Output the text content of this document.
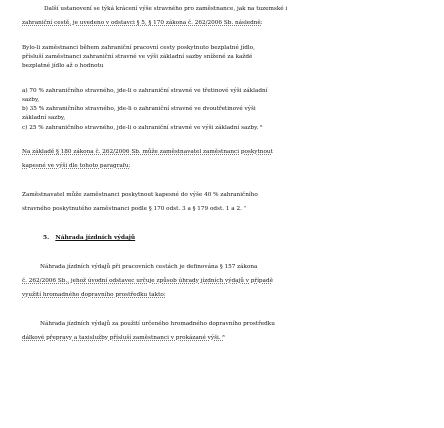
Další ustanovení se týká krácení výše stravného pro zaměstnance, jak na tuzemské i

zahraniční cestě, je uvedeno v odstavci § 5, § 170 zákona č. 262/2006 Sb. následně:

Bylo-li zaměstnanci během zahraniční pracovní cesty poskytnuto bezplatné jídlo,

přísluší zaměstnanci zahraniční stravné ve výši základní sazby snížené za každé

bezplatné jídlo až o hodnotu

a) 70 % zahraničního stravného, jde-li o zahraniční stravné ve třetinové výši základní

sazby,

b) 35 % zahraničního stravného, jde-li o zahraniční stravné ve dvoutřetinové výši

základní sazby,

c) 25 % zahraničního stravného, jde-li o zahraniční stravné ve výši základní sazby. ⁶

Na základě § 180 zákona č. 262/2006 Sb. může zaměstnavatel zaměstnanci poskytnout

kapesné ve výši dle tohoto paragrafu:

Zaměstnavatel může zaměstnanci poskytnout kapesné do výše 40 % zahraničního

stravného poskytnutého zaměstnanci podle § 170 odst. 3 a § 179 odst. 1 a 2. ⁷

5. Náhrada jízdních výdajů

Náhrada jízdních výdajů při pracovních cestách je definována § 157 zákona

č. 262/2006 Sb., jehož úvodní odstavec určuje způsob úhrady jízdních výdajů v případě

využití hromadného dopravního prostředku takto:

Náhrada jízdních výdajů za použití určeného hromadného dopravního prostředku

dálkové přepravy a taxislužby přísluší zaměstnanci v prokázané výši. ⁸
